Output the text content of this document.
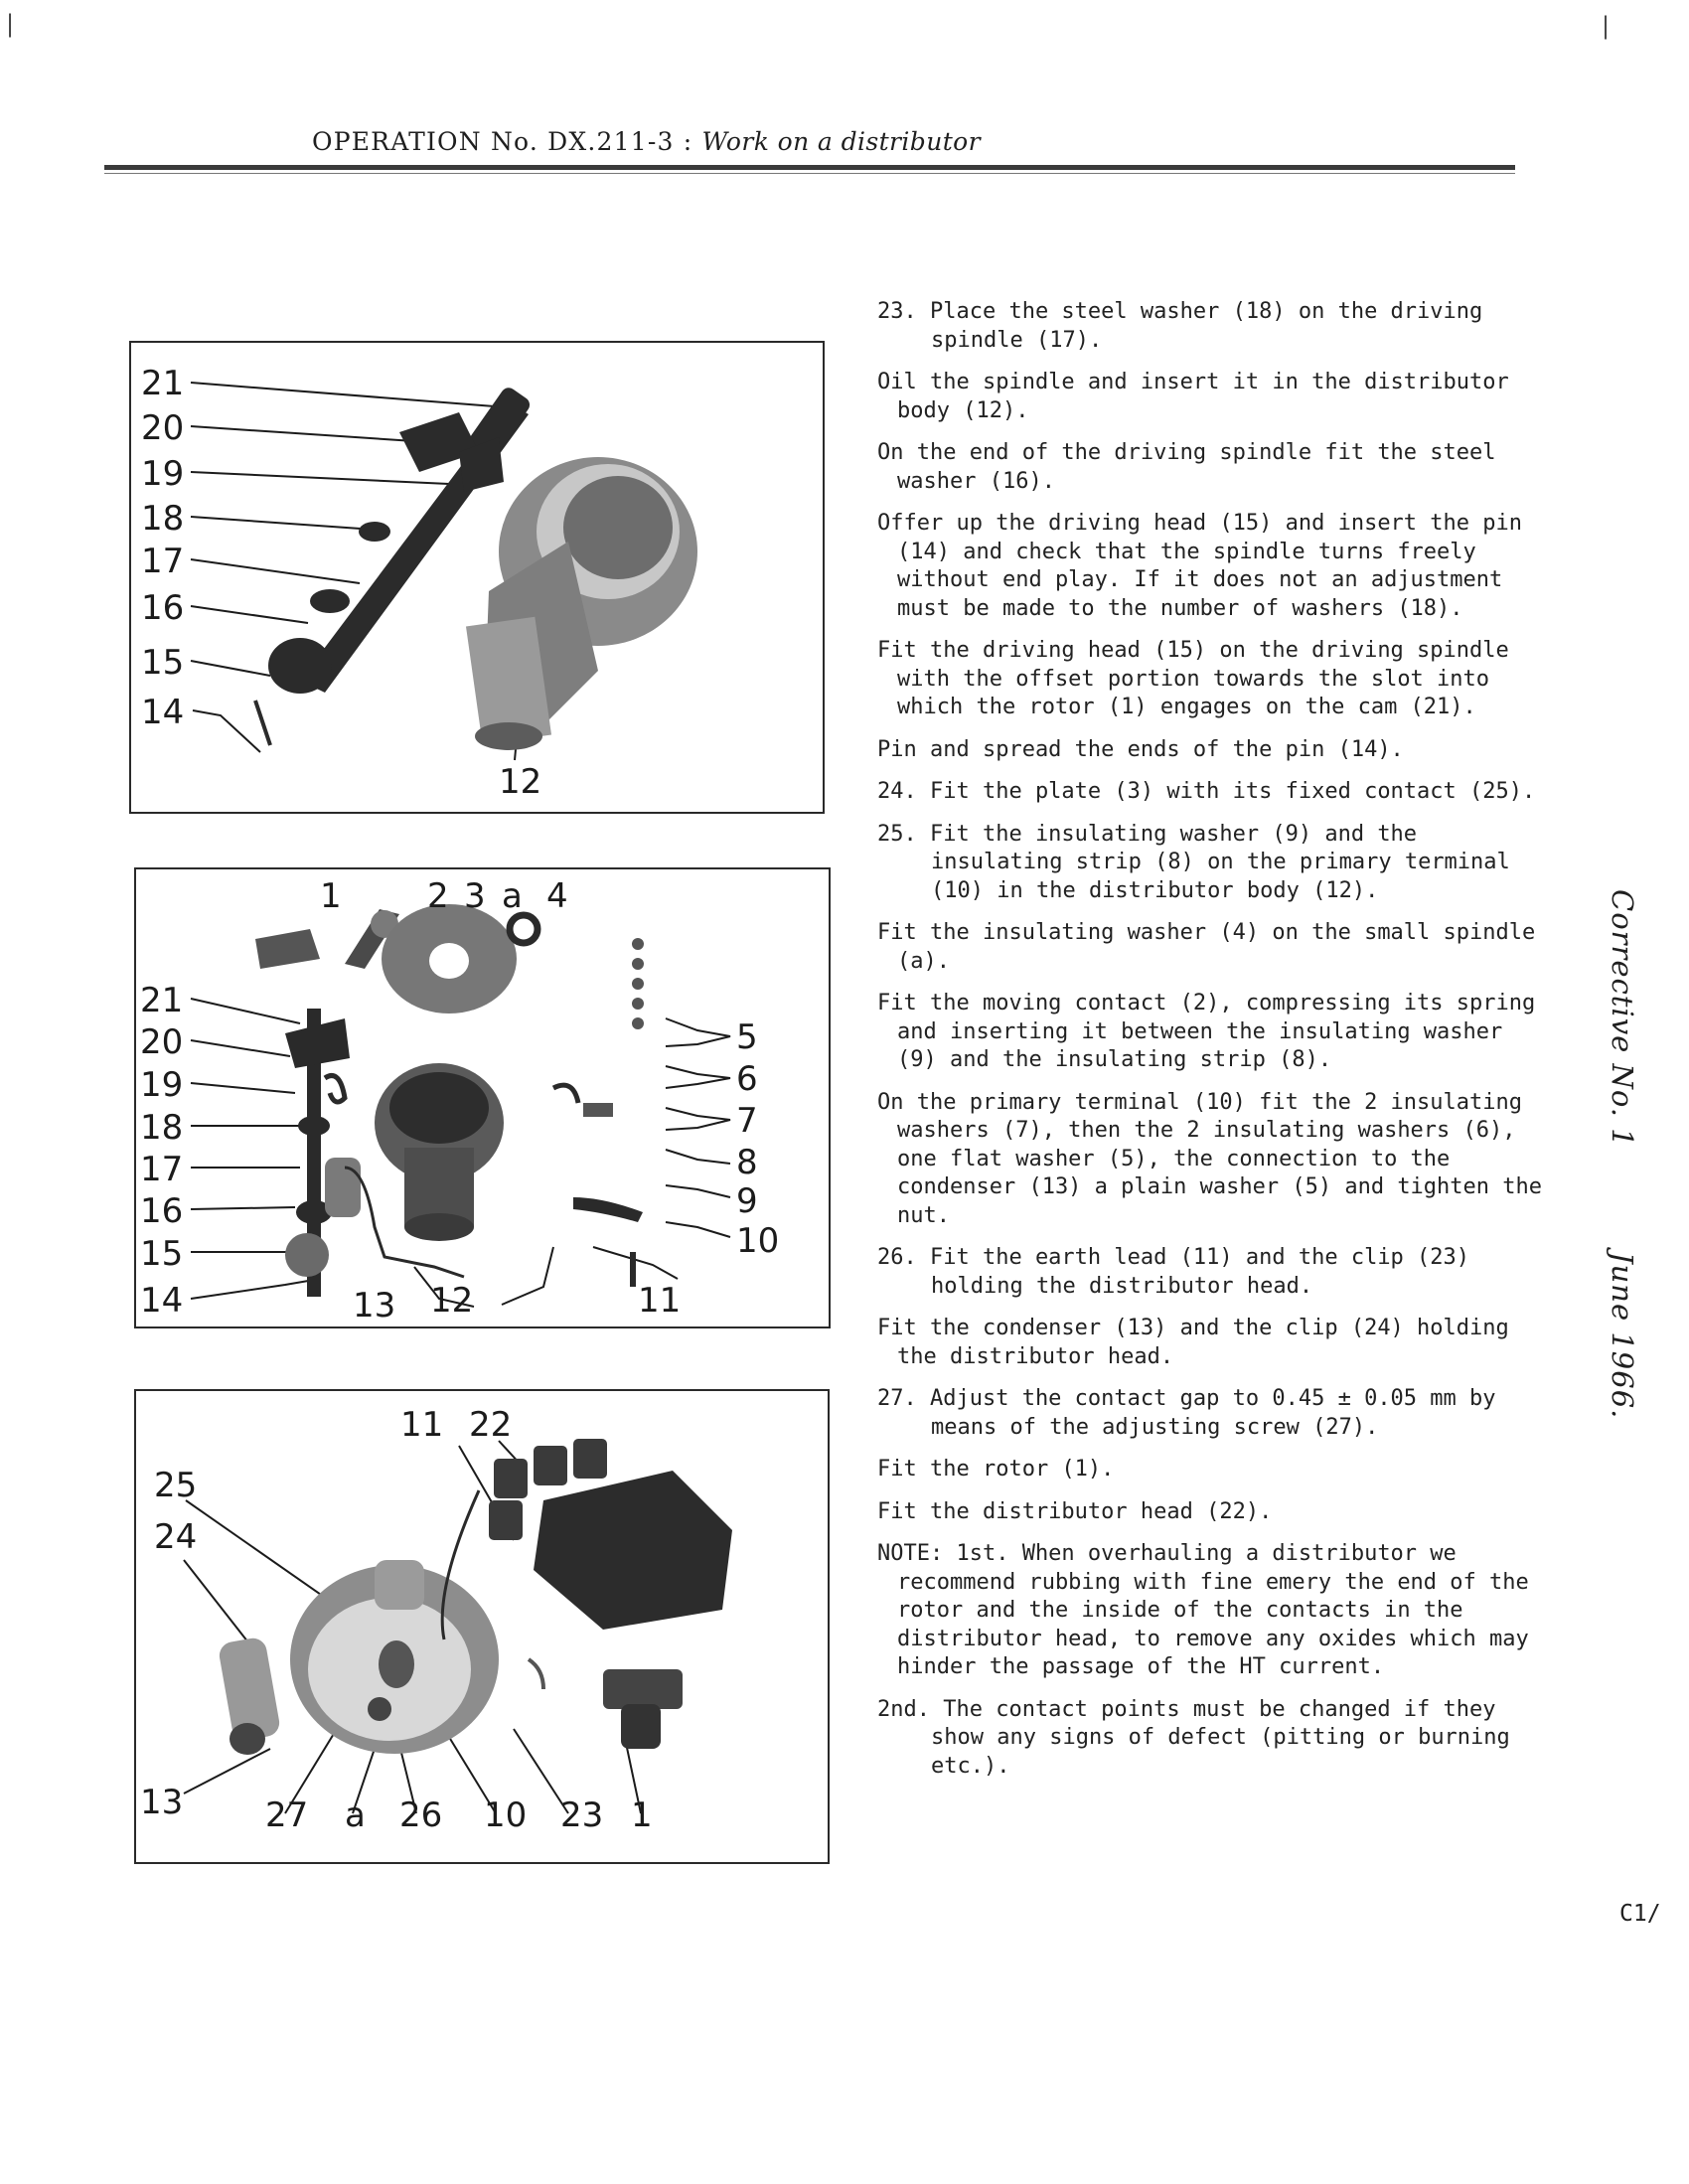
|	|
OPERATION No. DX.211-3 : Work on a distributor
21
20
19
18
17
16
15
14
12
1	2 3 a 4
21
20
19
18
17
16
15
14	13 12	11
5
6
7
8
9
10
11 22
25
24
13 27 a 26 10 23 1

23. Place the steel washer (18) on the driving spindle (17).

Oil the spindle and insert it in the distributor body (12).

On the end of the driving spindle fit the steel washer (16).

Offer up the driving head (15) and insert the pin (14) and check that the spindle turns freely without end play. If it does not an adjustment must be made to the number of washers (18).

Fit the driving head (15) on the driving spindle with the offset portion towards the slot into which the rotor (1) engages on the cam (21).

Pin and spread the ends of the pin (14).

24. Fit the plate (3) with its fixed contact (25).

25. Fit the insulating washer (9) and the insulating strip (8) on the primary terminal (10) in the distributor body (12).

Fit the insulating washer (4) on the small spindle (a).

Fit the moving contact (2), compressing its spring and inserting it between the insulating washer (9) and the insulating strip (8).

On the primary terminal (10) fit the 2 insulating washers (7), then the 2 insulating washers (6), one flat washer (5), the connection to the condenser (13) a plain washer (5) and tighten the nut.

26. Fit the earth lead (11) and the clip (23) holding the distributor head.

Fit the condenser (13) and the clip (24) holding the distributor head.

27. Adjust the contact gap to 0.45 ± 0.05 mm by means of the adjusting screw (27).

Fit the rotor (1).

Fit the distributor head (22).

NOTE: 1st. When overhauling a distributor we recommend rubbing with fine emery the end of the rotor and the inside of the contacts in the distributor head, to remove any oxides which may hinder the passage of the HT current.

2nd. The contact points must be changed if they show any signs of defect (pitting or burning etc.).

Corrective No. 1
June 1966.
C1/
